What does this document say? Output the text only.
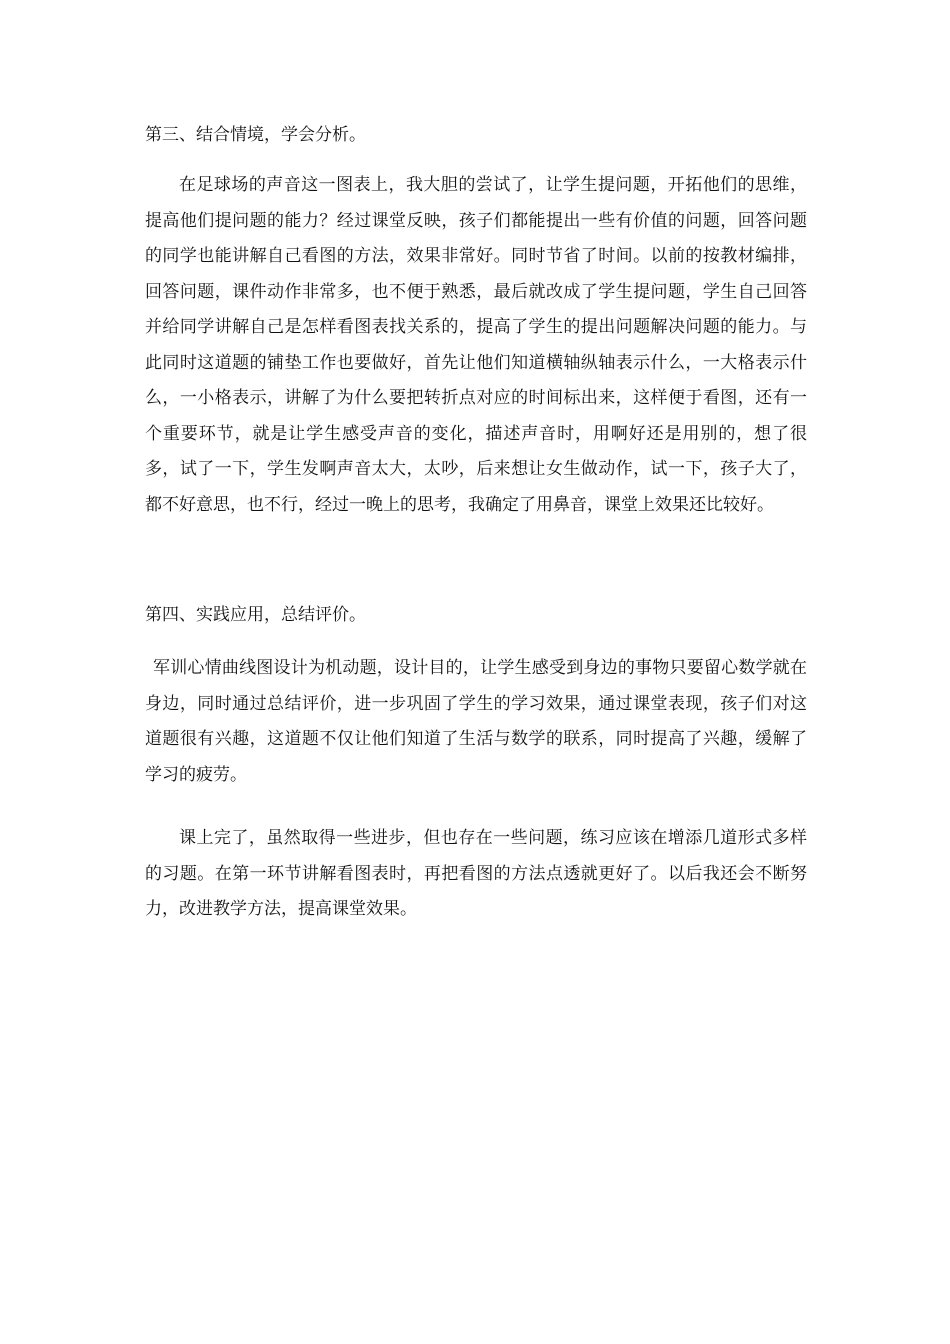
第三、结合情境，学会分析。

在足球场的声音这一图表上，我大胆的尝试了，让学生提问题，开拓他们的思维，提高他们提问题的能力？经过课堂反映，孩子们都能提出一些有价值的问题，回答问题的同学也能讲解自己看图的方法，效果非常好。同时节省了时间。以前的按教材编排，回答问题，课件动作非常多，也不便于熟悉，最后就改成了学生提问题，学生自己回答并给同学讲解自己是怎样看图表找关系的，提高了学生的提出问题解决问题的能力。与此同时这道题的铺垫工作也要做好，首先让他们知道横轴纵轴表示什么，一大格表示什么，一小格表示，讲解了为什么要把转折点对应的时间标出来，这样便于看图，还有一个重要环节，就是让学生感受声音的变化，描述声音时，用啊好还是用别的，想了很多，试了一下，学生发啊声音太大，太吵，后来想让女生做动作，试一下，孩子大了，都不好意思，也不行，经过一晚上的思考，我确定了用鼻音，课堂上效果还比较好。

第四、实践应用，总结评价。

军训心情曲线图设计为机动题，设计目的，让学生感受到身边的事物只要留心数学就在身边，同时通过总结评价，进一步巩固了学生的学习效果，通过课堂表现，孩子们对这道题很有兴趣，这道题不仅让他们知道了生活与数学的联系，同时提高了兴趣，缓解了学习的疲劳。

课上完了，虽然取得一些进步，但也存在一些问题，练习应该在增添几道形式多样的习题。在第一环节讲解看图表时，再把看图的方法点透就更好了。以后我还会不断努力，改进教学方法，提高课堂效果。
